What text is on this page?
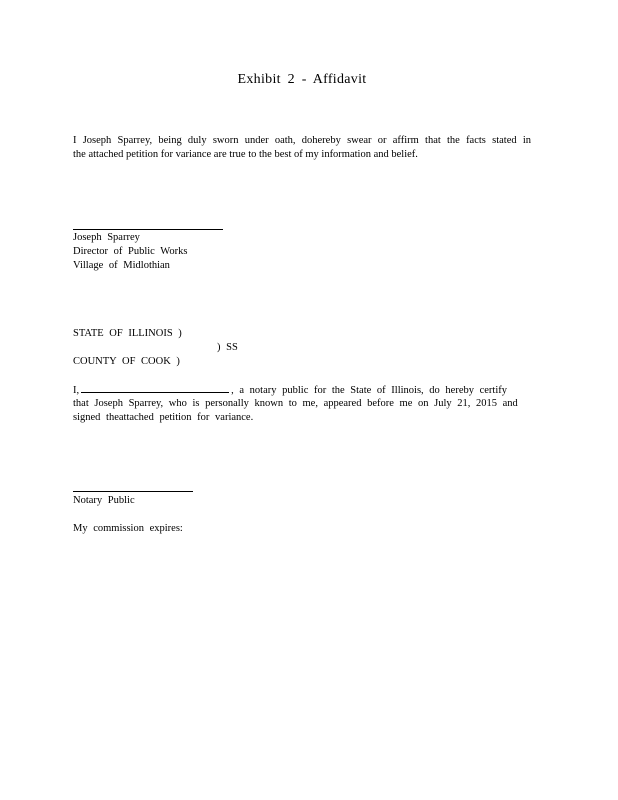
Exhibit 2 - Affidavit
I Joseph Sparrey, being duly sworn under oath, dohereby swear or affirm that the facts stated in
the attached petition for variance are true to the best of my information and belief.
Joseph Sparrey
Director of Public Works
Village of Midlothian
STATE OF ILLINOIS )
) SS
COUNTY OF COOK )
I,	, a notary public for the State of Illinois, do hereby certify
that Joseph Sparrey, who is personally known to me, appeared before me on July 21, 2015 and
signed theattached petition for variance.
Notary Public
My commission expires:
